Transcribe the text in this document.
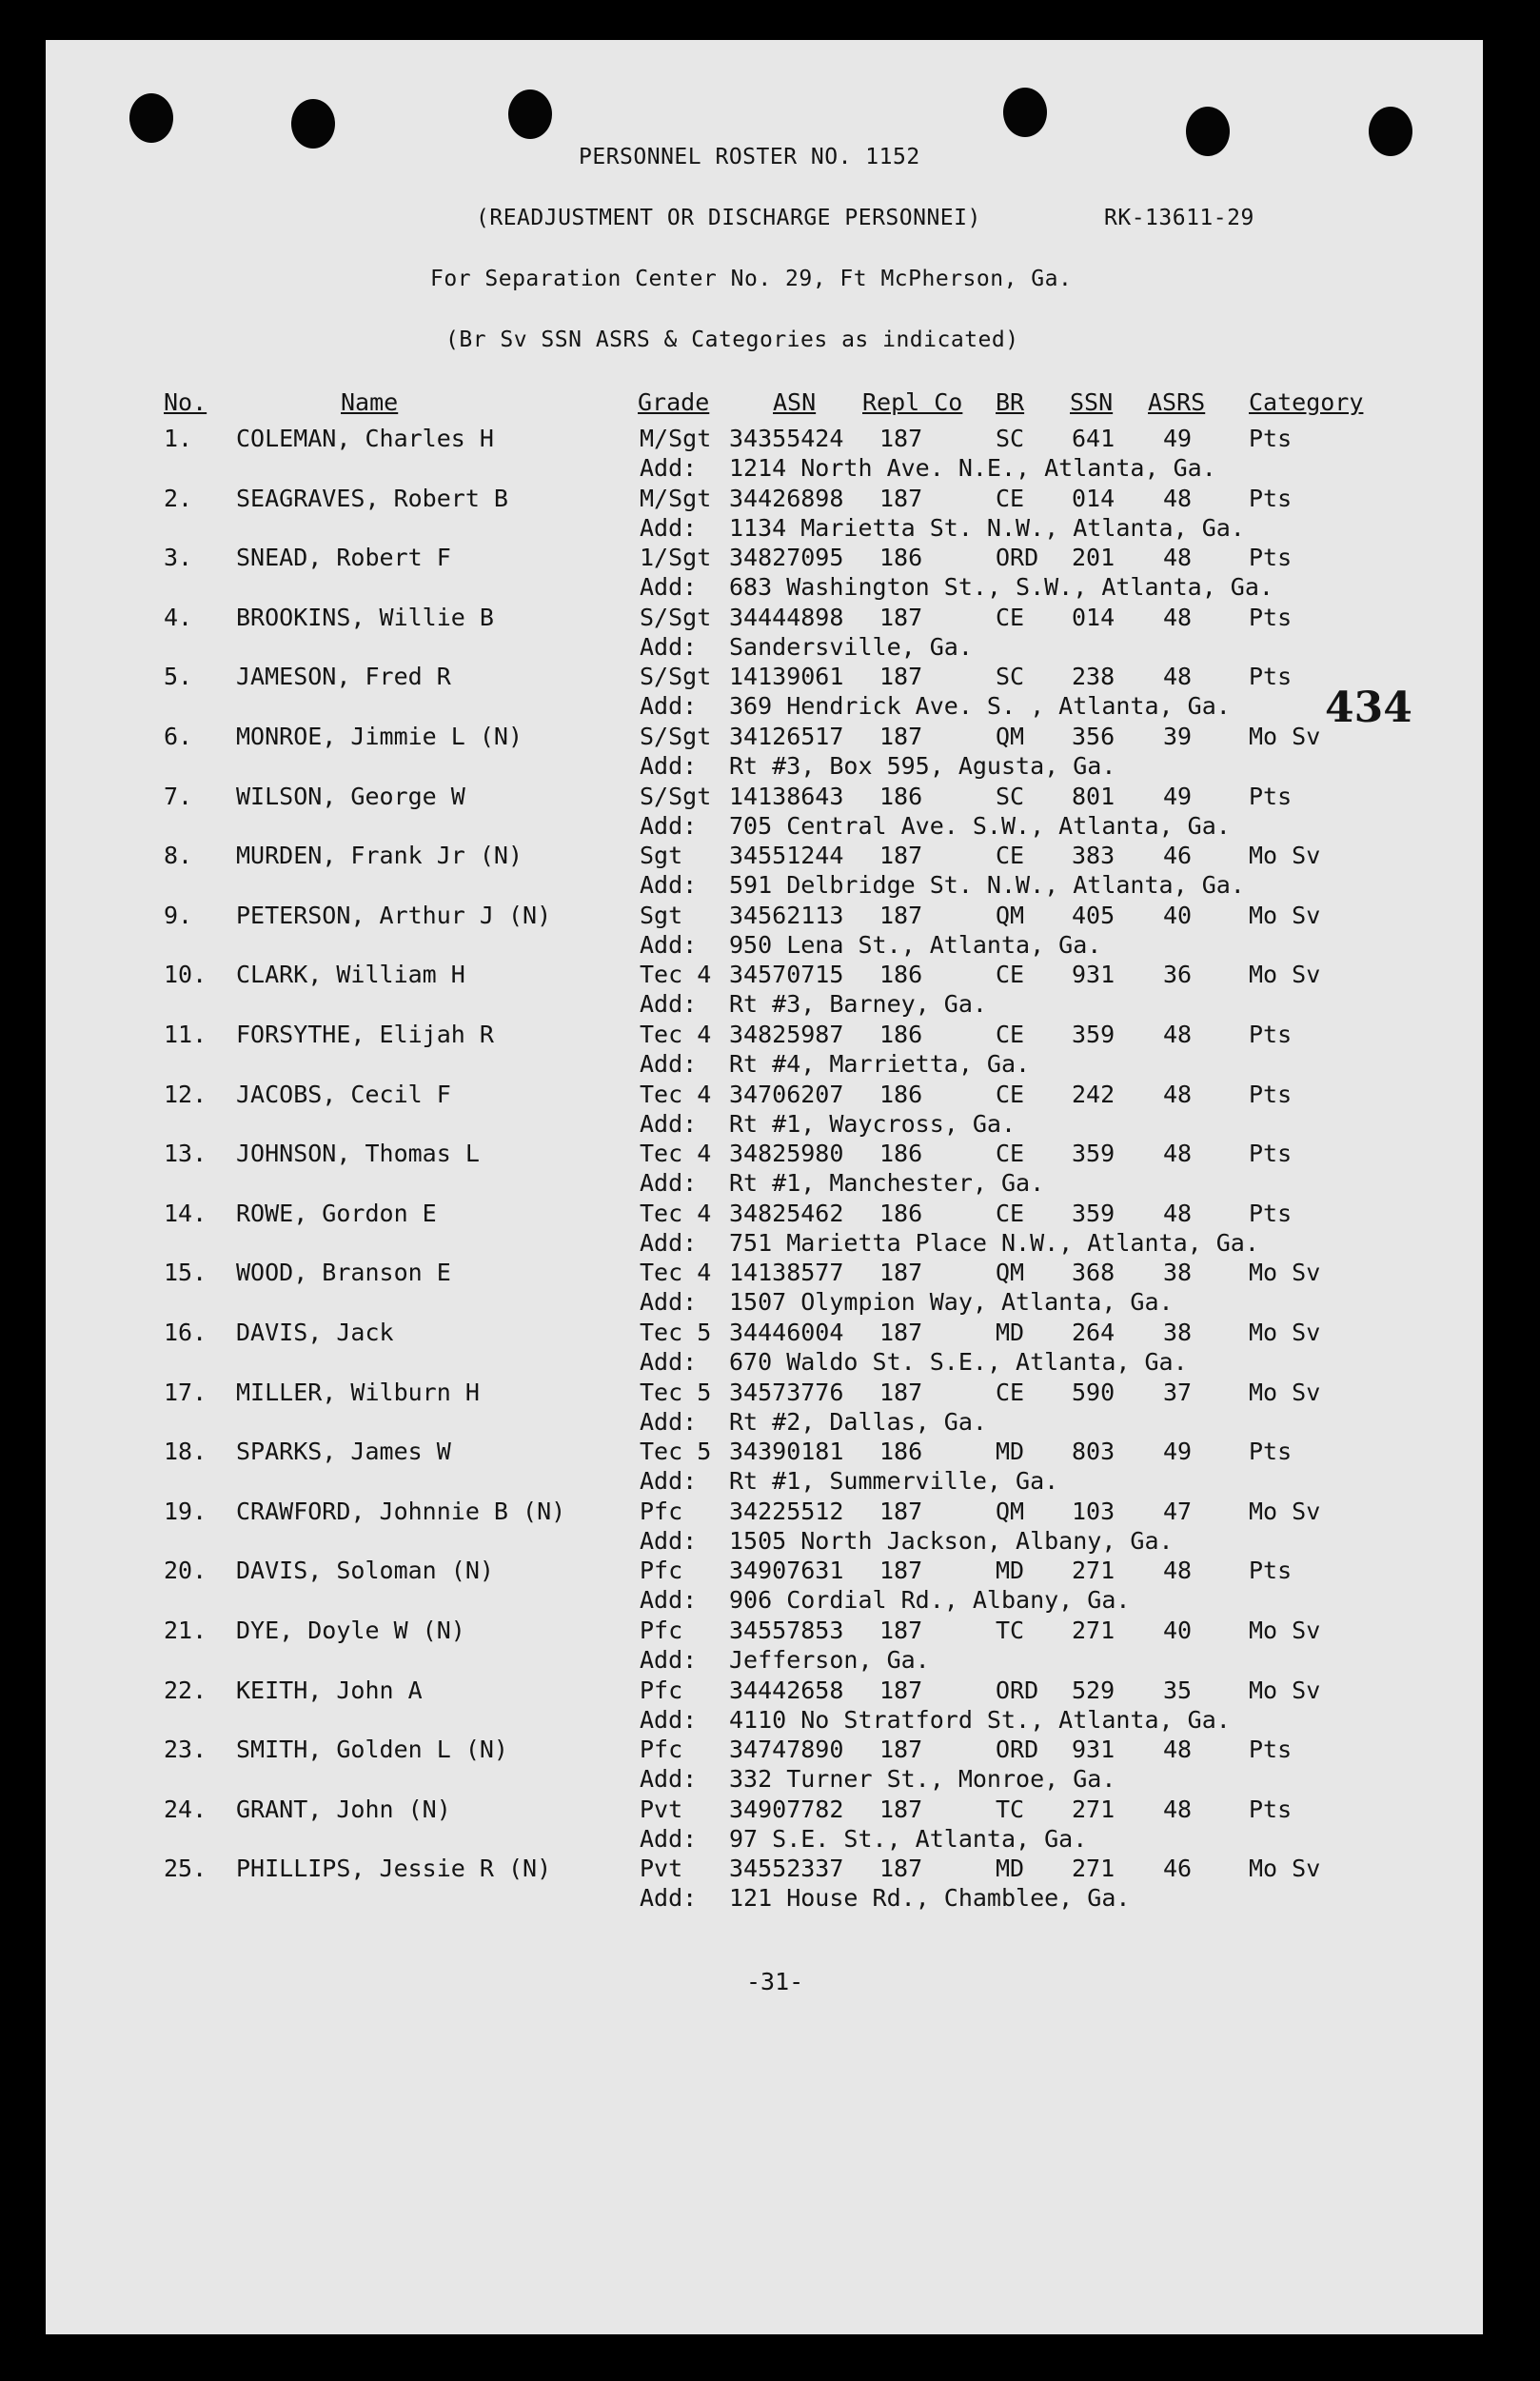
PERSONNEL ROSTER NO. 1152
(READJUSTMENT OR DISCHARGE PERSONNEI)	RK-13611-29
For Separation Center No. 29, Ft McPherson, Ga.
(Br Sv SSN ASRS & Categories as indicated)
No.	Name	Grade	ASN Repl Co BR SSN ASRS Category
1. COLEMAN, Charles H	M/Sgt 34355424 187	SC 641 49 Pts
Add: 1214 North Ave. N.E., Atlanta, Ga.
2. SEAGRAVES, Robert B	M/Sgt 34426898 187	CE 014 48 Pts
Add: 1134 Marietta St. N.W., Atlanta, Ga.
3. SNEAD, Robert F	1/Sgt 34827095 186	ORD 201 48 Pts
Add: 683 Washington St., S.W., Atlanta, Ga.
4. BROOKINS, Willie B	S/Sgt 34444898 187	CE 014 48 Pts
Add: Sandersville, Ga.
5. JAMESON, Fred R	S/Sgt 14139061 187	SC 238 48 Pts
Add: 369 Hendrick Ave. S. , Atlanta, Ga.
6. MONROE, Jimmie L (N)	S/Sgt 34126517 187	QM 356 39 Mo Sv
Add: Rt #3, Box 595, Agusta, Ga.
7. WILSON, George W	S/Sgt 14138643 186	SC 801 49 Pts
Add: 705 Central Ave. S.W., Atlanta, Ga.
8. MURDEN, Frank Jr (N)	Sgt 34551244 187	CE 383 46 Mo Sv
Add: 591 Delbridge St. N.W., Atlanta, Ga.
9. PETERSON, Arthur J (N)	Sgt 34562113 187	QM 405 40 Mo Sv
Add: 950 Lena St., Atlanta, Ga.
10. CLARK, William H	Tec 4 34570715 186	CE 931 36 Mo Sv
Add: Rt #3, Barney, Ga.
11. FORSYTHE, Elijah R	Tec 4 34825987 186	CE 359 48 Pts
Add: Rt #4, Marrietta, Ga.
12. JACOBS, Cecil F	Tec 4 34706207 186	CE 242 48 Pts
Add: Rt #1, Waycross, Ga.
13. JOHNSON, Thomas L	Tec 4 34825980 186	CE 359 48 Pts
Add: Rt #1, Manchester, Ga.
14. ROWE, Gordon E	Tec 4 34825462 186	CE 359 48 Pts
Add: 751 Marietta Place N.W., Atlanta, Ga.
15. WOOD, Branson E	Tec 4 14138577 187	QM 368 38 Mo Sv
Add: 1507 Olympion Way, Atlanta, Ga.
16. DAVIS, Jack	Tec 5 34446004 187	MD 264 38 Mo Sv
Add: 670 Waldo St. S.E., Atlanta, Ga.
17. MILLER, Wilburn H	Tec 5 34573776 187	CE 590 37 Mo Sv
Add: Rt #2, Dallas, Ga.
18. SPARKS, James W	Tec 5 34390181 186	MD 803 49 Pts
Add: Rt #1, Summerville, Ga.
19. CRAWFORD, Johnnie B (N)	Pfc 34225512 187	QM 103 47 Mo Sv
Add: 1505 North Jackson, Albany, Ga.
20. DAVIS, Soloman (N)	Pfc 34907631 187	MD 271 48 Pts
Add: 906 Cordial Rd., Albany, Ga.
21. DYE, Doyle W (N)	Pfc 34557853 187	TC 271 40 Mo Sv
Add: Jefferson, Ga.
22. KEITH, John A	Pfc 34442658 187	ORD 529 35 Mo Sv
Add: 4110 No Stratford St., Atlanta, Ga.
23. SMITH, Golden L (N)	Pfc 34747890 187	ORD 931 48 Pts
Add: 332 Turner St., Monroe, Ga.
24. GRANT, John (N)	Pvt 34907782 187	TC 271 48 Pts
Add: 97 S.E. St., Atlanta, Ga.
25. PHILLIPS, Jessie R (N)	Pvt 34552337 187	MD 271 46 Mo Sv
Add: 121 House Rd., Chamblee, Ga.
434
-31-
